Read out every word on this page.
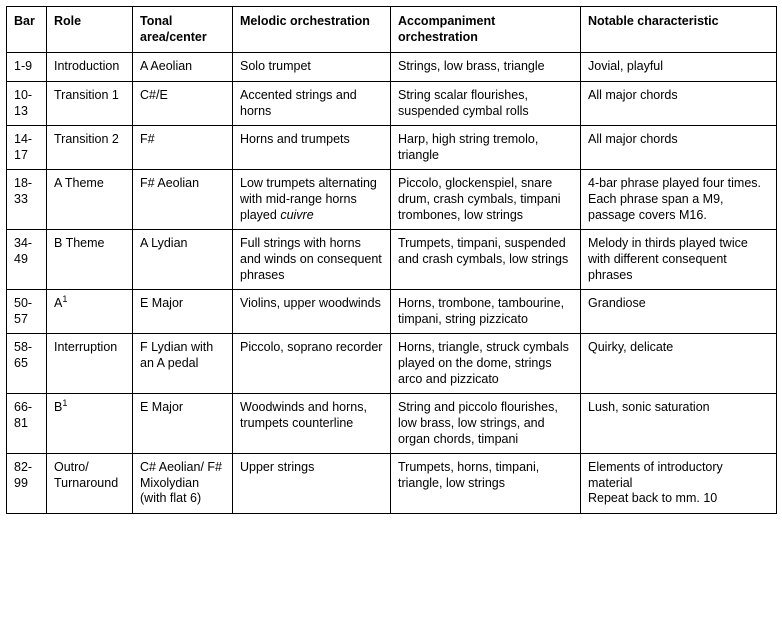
Bar	Role	Tonal area/center	Melodic orchestration	Accompaniment orchestration	Notable characteristic
1-9	Introduction	A Aeolian	Solo trumpet	Strings, low brass, triangle	Jovial, playful
10-13	Transition 1	C#/E	Accented strings and horns	String scalar flourishes, suspended cymbal rolls	All major chords
14-17	Transition 2	F#	Horns and trumpets	Harp, high string tremolo, triangle	All major chords
18-33	A Theme	F# Aeolian	Low trumpets alternating with mid-range horns played cuivre	Piccolo, glockenspiel, snare drum, crash cymbals, timpani trombones, low strings	4-bar phrase played four times. Each phrase span a M9, passage covers M16.
34-49	B Theme	A Lydian	Full strings with horns and winds on consequent phrases	Trumpets, timpani, suspended and crash cymbals, low strings	Melody in thirds played twice with different consequent phrases
50-57	$A^1$	E Major	Violins, upper woodwinds	Horns, trombone, tambourine, timpani, string pizzicato	Grandiose
58-65	Interruption	F Lydian with an A pedal	Piccolo, soprano recorder	Horns, triangle, struck cymbals played on the dome, strings arco and pizzicato	Quirky, delicate
66-81	$B^1$	E Major	Woodwinds and horns, trumpets counterline	String and piccolo flourishes, low brass, low strings, and organ chords, timpani	Lush, sonic saturation
82-99	Outro/ Turnaround	C# Aeolian/ F# Mixolydian (with flat 6)	Upper strings	Trumpets, horns, timpani, triangle, low strings	Elements of introductory material
Repeat back to mm. 10
